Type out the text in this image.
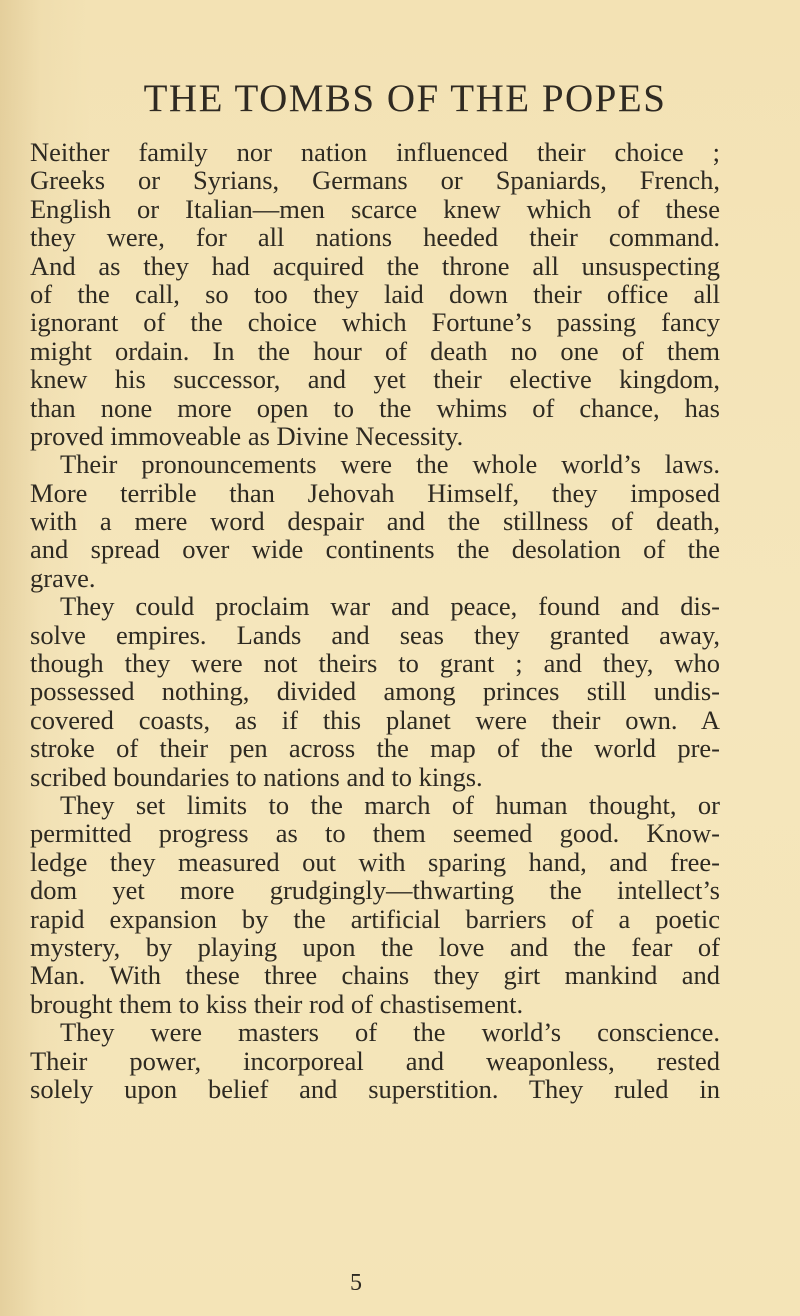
THE TOMBS OF THE POPES
Neither family nor nation influenced their choice ;
Greeks or Syrians, Germans or Spaniards, French,
English or Italian—men scarce knew which of these
they were, for all nations heeded their command.
And as they had acquired the throne all unsuspecting
of the call, so too they laid down their office all
ignorant of the choice which Fortune’s passing fancy
might ordain. In the hour of death no one of them
knew his successor, and yet their elective kingdom,
than none more open to the whims of chance, has
proved immoveable as Divine Necessity.
Their pronouncements were the whole world’s laws.
More terrible than Jehovah Himself, they imposed
with a mere word despair and the stillness of death,
and spread over wide continents the desolation of the
grave.
They could proclaim war and peace, found and dis-
solve empires. Lands and seas they granted away,
though they were not theirs to grant ; and they, who
possessed nothing, divided among princes still undis-
covered coasts, as if this planet were their own. A
stroke of their pen across the map of the world pre-
scribed boundaries to nations and to kings.
They set limits to the march of human thought, or
permitted progress as to them seemed good. Know-
ledge they measured out with sparing hand, and free-
dom yet more grudgingly—thwarting the intellect’s
rapid expansion by the artificial barriers of a poetic
mystery, by playing upon the love and the fear of
Man. With these three chains they girt mankind and
brought them to kiss their rod of chastisement.
They were masters of the world’s conscience.
Their power, incorporeal and weaponless, rested
solely upon belief and superstition. They ruled in
5
